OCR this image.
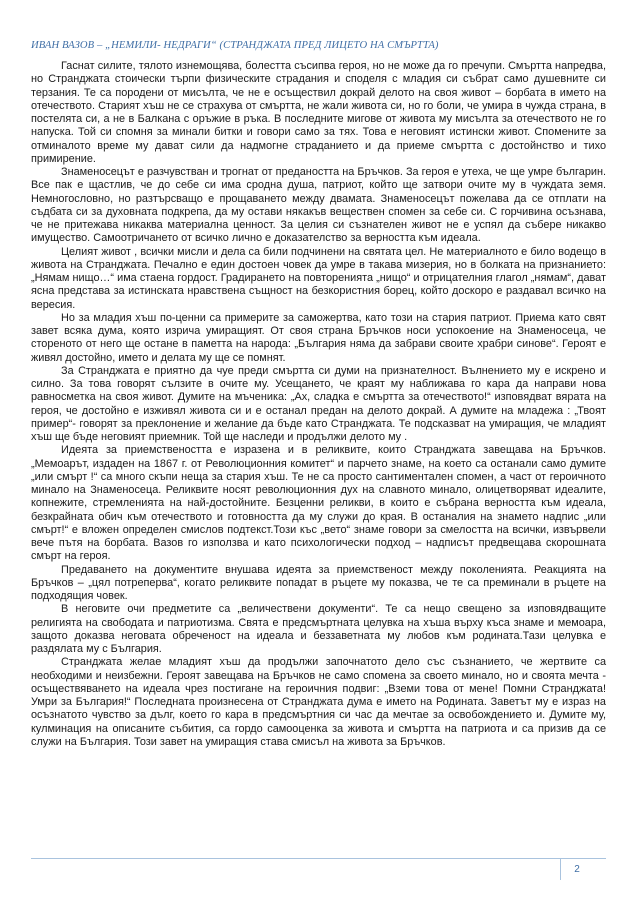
ИВАН ВАЗОВ – „НЕМИЛИ- НЕДРАГИ“ (СТРАНДЖАТА ПРЕД ЛИЦЕТО НА СМЪРТТА)

Гаснат силите, тялото изнемощява, болестта съсипва героя, но не може да го пречупи. Смъртта напредва, но Странджата стоически търпи физическите страдания и споделя с младия си събрат само душевните си терзания. Те са породени от мисълта, че не е осъществил докрай делото на своя живот – борбата в името на отечеството. Старият хъш не се страхува от смъртта, не жали живота си, но го боли, че умира в чужда страна, в постелята си, а не в Балкана с оръжие в ръка. В последните мигове от живота му мисълта за отечеството не го напуска. Той си спомня за минали битки и говори само за тях. Това е неговият истински живот. Спомените за отминалото време му дават сили да надмогне страданието и да приеме смъртта с достойнство и тихо примирение.

Знаменосецът е разчувстван и трогнат от предаността на Бръчков. За героя е утеха, че ще умре българин. Все пак е щастлив, че до себе си има сродна душа, патриот, който ще затвори очите му в чуждата земя. Немногословно, но разтърсващо е прощаването между двамата. Знаменосецът пожелава да се отплати на съдбата си за духовната подкрепа, да му остави някакъв веществен спомен за себе си. С горчивина осъзнава, че не притежава никаква материална ценност. За целия си съзнателен живот не е успял да събере никакво имущество. Самоотричането от всичко лично е доказателство за верността към идеала.

Целият живот , всички мисли и дела са били подчинени на святата цел. Не материалното е било водещо в живота на Странджата. Печално е един достоен човек да умре в такава мизерия, но в болката на признанието: „Нямам нищо…“ има стаена гордост. Градирането на повторенията „нищо“ и отрицателния глагол „нямам“, дават ясна представа за истинската нравствена същност на безкористния борец, който доскоро е раздавал всичко на вересия.

Но за младия хъш по-ценни са примерите за саможертва, като този на стария патриот. Приема като свят завет всяка дума, която изрича умиращият. От своя страна Бръчков носи успокоение на Знаменосеца, че стореното от него ще остане в паметта на народа: „България няма да забрави своите храбри синове“. Героят е живял достойно, името и делата му ще се помнят.

За Странджата е приятно да чуе преди смъртта си думи на признателност. Вълнението му е искрено и силно. За това говорят сълзите в очите му. Усещането, че краят му наближава го кара да направи нова равносметка на своя живот. Думите на мъченика: „Ах, сладка е смъртта за отечеството!“ изповядват вярата на героя, че достойно е изживял живота си и е останал предан на делото докрай. А думите на младежа : „Твоят пример“- говорят за преклонение и желание да бъде като Странджата. Те подсказват на умиращия, че младият хъш ще бъде неговият приемник. Той ще наследи и продължи делото му .

Идеята за приемствеността е изразена и в реликвите, които Странджата завещава на Бръчков. „Мемоарът, издаден на 1867 г. от Революционния комитет“ и парчето знаме, на което са останали само думите „или смърт !“ са много скъпи неща за стария хъш. Те не са просто сантиментален спомен, а част от героичното минало на Знаменосеца. Реликвите носят революционния дух на славното минало, олицетворяват идеалите, копнежите, стремленията на най-достойните. Безценни реликви, в които е събрана верността към идеала, безкрайната обич към отечеството и готовността да му служи до края. В останалия на знамето надпис „или смърт!“ е вложен определен смислов подтекст.Този къс „вето“ знаме говори за смелостта на всички, извървели вече пътя на борбата. Вазов го използва и като психологически подход – надписът предвещава скорошната смърт на героя.

Предаването на документите внушава идеята за приемственост между поколенията. Реакцията на Бръчков – „цял потреперва“, когато реликвите попадат в ръцете му показва, че те са преминали в ръцете на подходящия човек.

В неговите очи предметите са „величествени документи“. Те са нещо свещено за изповядващите религията на свободата и патриотизма. Свята е предсмъртната целувка на хъша върху къса знаме и мемоара, защото доказва неговата обреченост на идеала и беззаветната му любов към родината.Тази целувка е раздялата му с България.

Странджата желае младият хъш да продължи започнатото дело със съзнанието, че жертвите са необходими и неизбежни. Героят завещава на Бръчков не само спомена за своето минало, но и своята мечта - осъществяването на идеала чрез постигане на героичния подвиг: „Вземи това от мене! Помни Странджата! Умри за България!“ Последната произнесена от Странджата дума е името на Родината. Заветът му е израз на осъзнатото чувство за дълг, което го кара в предсмъртния си час да мечтае за освобождението и. Думите му, кулминация на описаните събития, са гордо самооценка за живота и смъртта на патриота и са призив да се служи на България. Този завет на умиращия става смисъл на живота за Бръчков.

2
